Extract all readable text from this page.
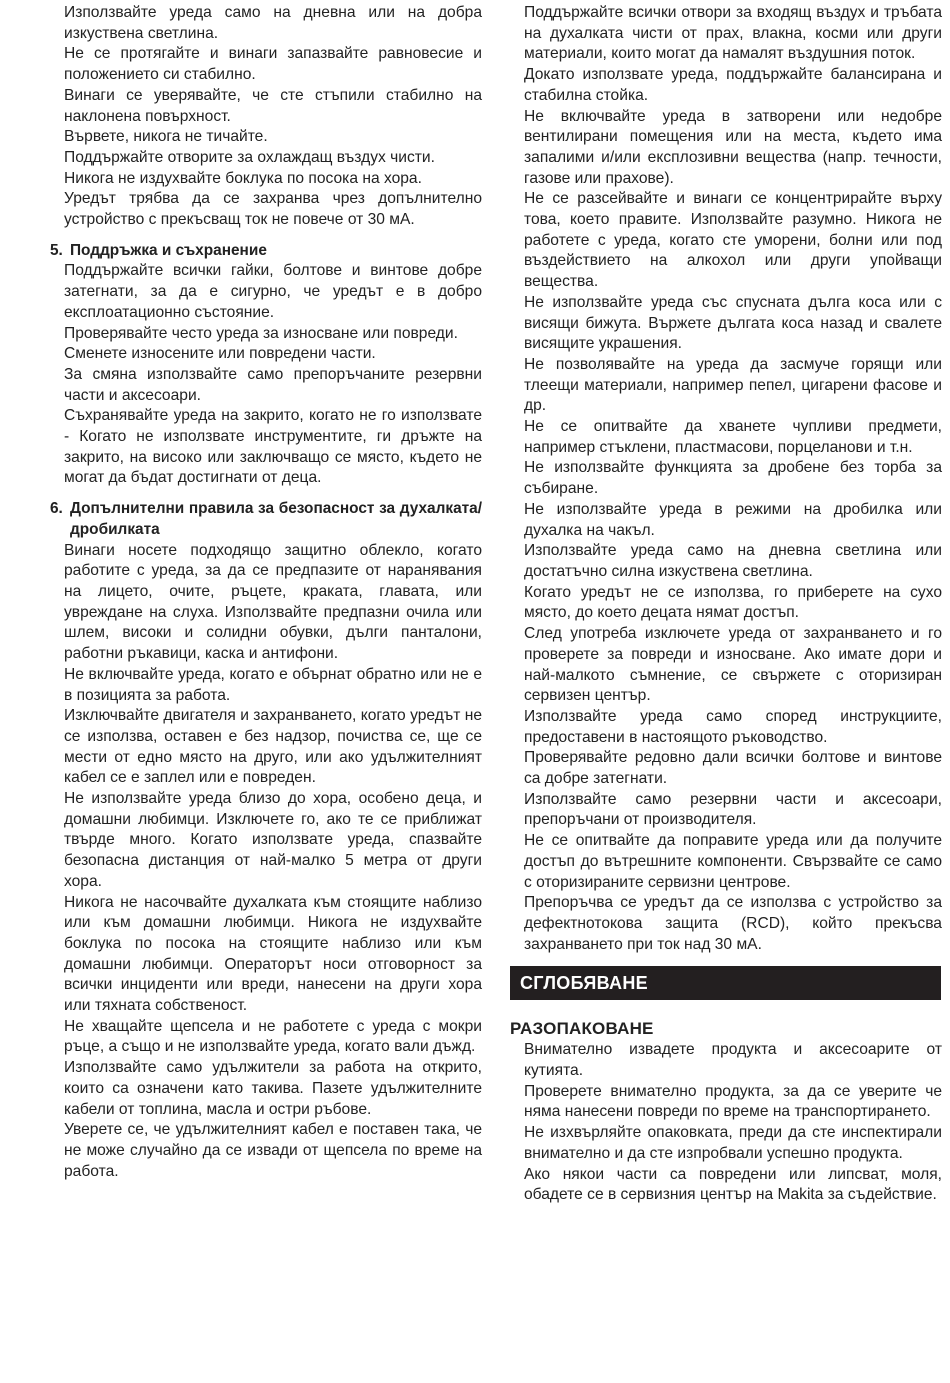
Използвайте уреда само на дневна или на добра изкуствена светлина.

Не се протягайте и винаги запазвайте равновесие и положението си стабилно.

Винаги се уверявайте, че сте стъпили стабилно на наклонена повърхност.

Вървете, никога не тичайте.

Поддържайте отворите за охлаждащ въздух чисти.

Никога не издухвайте боклука по посока на хора.

Уредът трябва да се захранва чрез допълнително устройство с прекъсващ ток не повече от 30 мА.

5. Поддръжка и съхранение

Поддържайте всички гайки, болтове и винтове добре затегнати, за да е сигурно, че уредът е в добро експлоатационно състояние.

Проверявайте често уреда за износване или повреди.

Сменете износените или повредени части.

За смяна използвайте само препоръчаните резервни части и аксесоари.

Съхранявайте уреда на закрито, когато не го използвате - Когато не използвате инструментите, ги дръжте на закрито, на високо или заключващо се място, където не могат да бъдат достигнати от деца.

6. Допълнителни правила за безопасност за духалката/дробилката

Винаги носете подходящо защитно облекло, когато работите с уреда, за да се предпазите от наранявания на лицето, очите, ръцете, краката, главата, или увреждане на слуха. Използвайте предпазни очила или шлем, високи и солидни обувки, дълги панталони, работни ръкавици, каска и антифони.

Не включвайте уреда, когато е обърнат обратно или не е в позицията за работа.

Изключвайте двигателя и захранването, когато уредът не се използва, оставен е без надзор, почиства се, ще се мести от едно място на друго, или ако удължителният кабел се е заплел или е повреден.

Не използвайте уреда близо до хора, особено деца, и домашни любимци. Изключете го, ако те се приближат твърде много. Когато използвате уреда, спазвайте безопасна дистанция от най-малко 5 метра от други хора.

Никога не насочвайте духалката към стоящите наблизо или към домашни любимци. Никога не издухвайте боклука по посока на стоящите наблизо или към домашни любимци. Операторът носи отговорност за всички инциденти или вреди, нанесени на други хора или тяхната собственост.

Не хващайте щепсела и не работете с уреда с мокри ръце, а също и не използвайте уреда, когато вали дъжд.

Използвайте само удължители за работа на открито, които са означени като такива. Пазете удължителните кабели от топлина, масла и остри ръбове.

Уверете се, че удължителният кабел е поставен така, че не може случайно да се извади от щепсела по време на работа.

Поддържайте всички отвори за входящ въздух и тръбата на духалката чисти от прах, влакна, косми или други материали, които могат да намалят въздушния поток.

Докато използвате уреда, поддържайте балансирана и стабилна стойка.

Не включвайте уреда в затворени или недобре вентилирани помещения или на места, където има запалими и/или експлозивни вещества (напр. течности, газове или прахове).

Не се разсейвайте и винаги се концентрирайте върху това, което правите. Използвайте разумно. Никога не работете с уреда, когато сте уморени, болни или под въздействието на алкохол или други упойващи вещества.

Не използвайте уреда със спусната дълга коса или с висящи бижута. Вържете дългата коса назад и свалете висящите украшения.

Не позволявайте на уреда да засмуче горящи или тлеещи материали, например пепел, цигарени фасове и др.

Не се опитвайте да хванете чупливи предмети, например стъклени, пластмасови, порцеланови и т.н.

Не използвайте функцията за дробене без торба за събиране.

Не използвайте уреда в режими на дробилка или духалка на чакъл.

Използвайте уреда само на дневна светлина или достатъчно силна изкуствена светлина.

Когато уредът не се използва, го приберете на сухо място, до което децата нямат достъп.

След употреба изключете уреда от захранването и го проверете за повреди и износване. Ако имате дори и най-малкото съмнение, се свържете с оторизиран сервизен център.

Използвайте уреда само според инструкциите, предоставени в настоящото ръководство.

Проверявайте редовно дали всички болтове и винтове са добре затегнати.

Използвайте само резервни части и аксесоари, препоръчани от производителя.

Не се опитвайте да поправите уреда или да получите достъп до вътрешните компоненти. Свързвайте се само с оторизираните сервизни центрове.

Препоръчва се уредът да се използва с устройство за дефектнотокова защита (RCD), който прекъсва захранването при ток над 30 мА.

СГЛОБЯВАНЕ
РАЗОПАКОВАНЕ

Внимателно извадете продукта и аксесоарите от кутията.

Проверете внимателно продукта, за да се уверите че няма нанесени повреди по време на транспортирането.

Не изхвърляйте опаковката, преди да сте инспектирали внимателно и да сте изпробвали успешно продукта.

Ако някои части са повредени или липсват, моля, обадете се в сервизния център на Makita за съдействие.
